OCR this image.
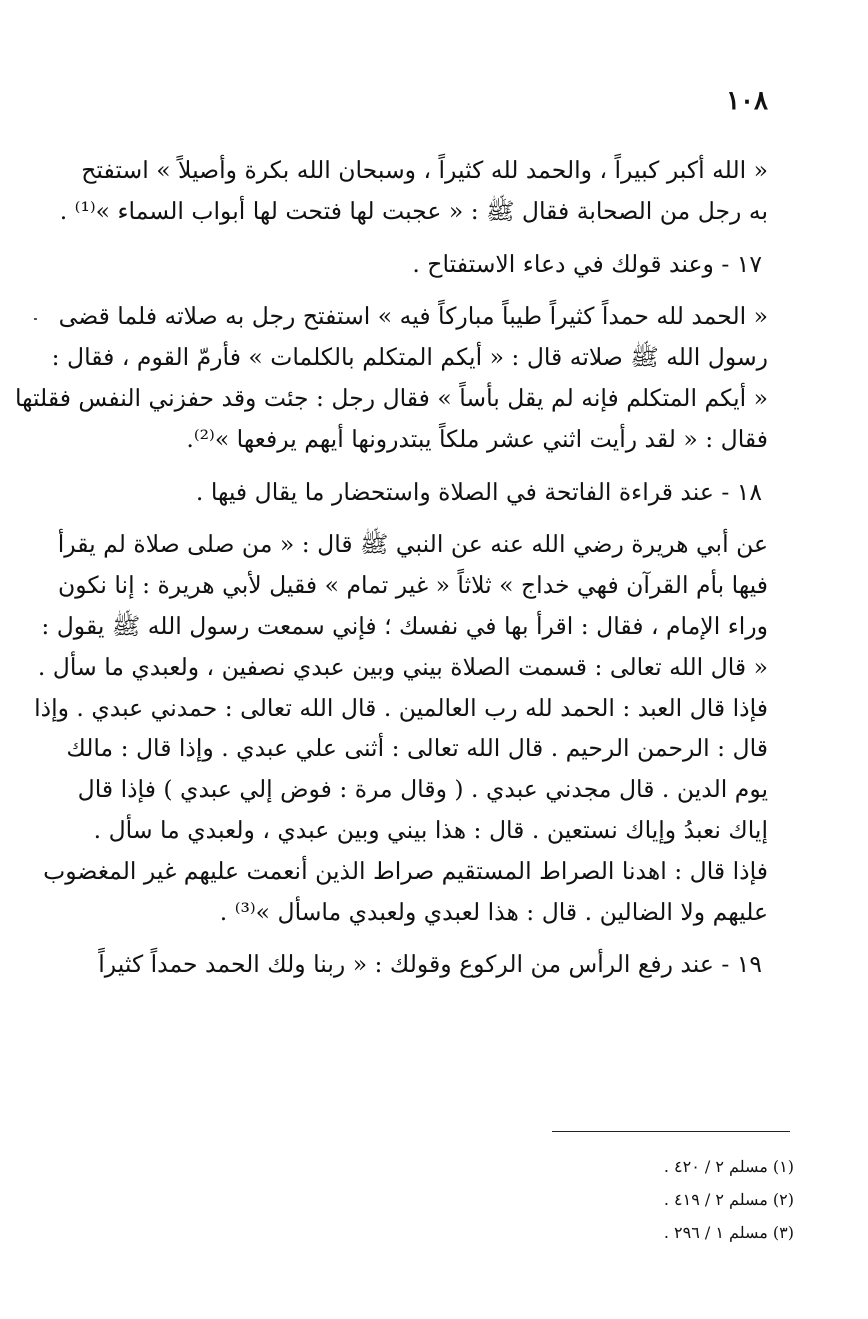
١٠٨
« الله أكبر كبيراً ، والحمد لله كثيراً ، وسبحان الله بكرة وأصيلاً » استفتح
به رجل من الصحابة فقال ﷺ : « عجبت لها فتحت لها أبواب السماء »⁽¹⁾ .
١٧ - وعند قولك في دعاء الاستفتاح .
« الحمد لله حمداً كثيراً طيباً مباركاً فيه » استفتح رجل به صلاته فلما قضى
رسول الله ﷺ صلاته قال : « أيكم المتكلم بالكلمات » فأرمّ القوم ، فقال :
« أيكم المتكلم فإنه لم يقل بأساً » فقال رجل : جئت وقد حفزني النفس فقلتها
فقال : « لقد رأيت اثني عشر ملكاً يبتدرونها أيهم يرفعها »⁽²⁾.
١٨ - عند قراءة الفاتحة في الصلاة واستحضار ما يقال فيها .
عن أبي هريرة رضي الله عنه عن النبي ﷺ قال : « من صلى صلاة لم يقرأ
فيها بأم القرآن فهي خداج » ثلاثاً « غير تمام » فقيل لأبي هريرة : إنا نكون
وراء الإمام ، فقال : اقرأ بها في نفسك ؛ فإني سمعت رسول الله ﷺ يقول :
« قال الله تعالى : قسمت الصلاة بيني وبين عبدي نصفين ، ولعبدي ما سأل .
فإذا قال العبد : الحمد لله رب العالمين . قال الله تعالى : حمدني عبدي . وإذا
قال : الرحمن الرحيم . قال الله تعالى : أثنى علي عبدي . وإذا قال : مالك
يوم الدين . قال مجدني عبدي . ( وقال مرة : فوض إلي عبدي ) فإذا قال
إياك نعبدُ وإياك نستعين . قال : هذا بيني وبين عبدي ، ولعبدي ما سأل .
فإذا قال : اهدنا الصراط المستقيم صراط الذين أنعمت عليهم غير المغضوب
عليهم ولا الضالين . قال : هذا لعبدي ولعبدي ماسأل »⁽³⁾ .
١٩ - عند رفع الرأس من الركوع وقولك : « ربنا ولك الحمد حمداً كثيراً
(١) مسلم ٢ / ٤٢٠ .
(٢) مسلم ٢ / ٤١٩ .
(٣) مسلم ١ / ٢٩٦ .
